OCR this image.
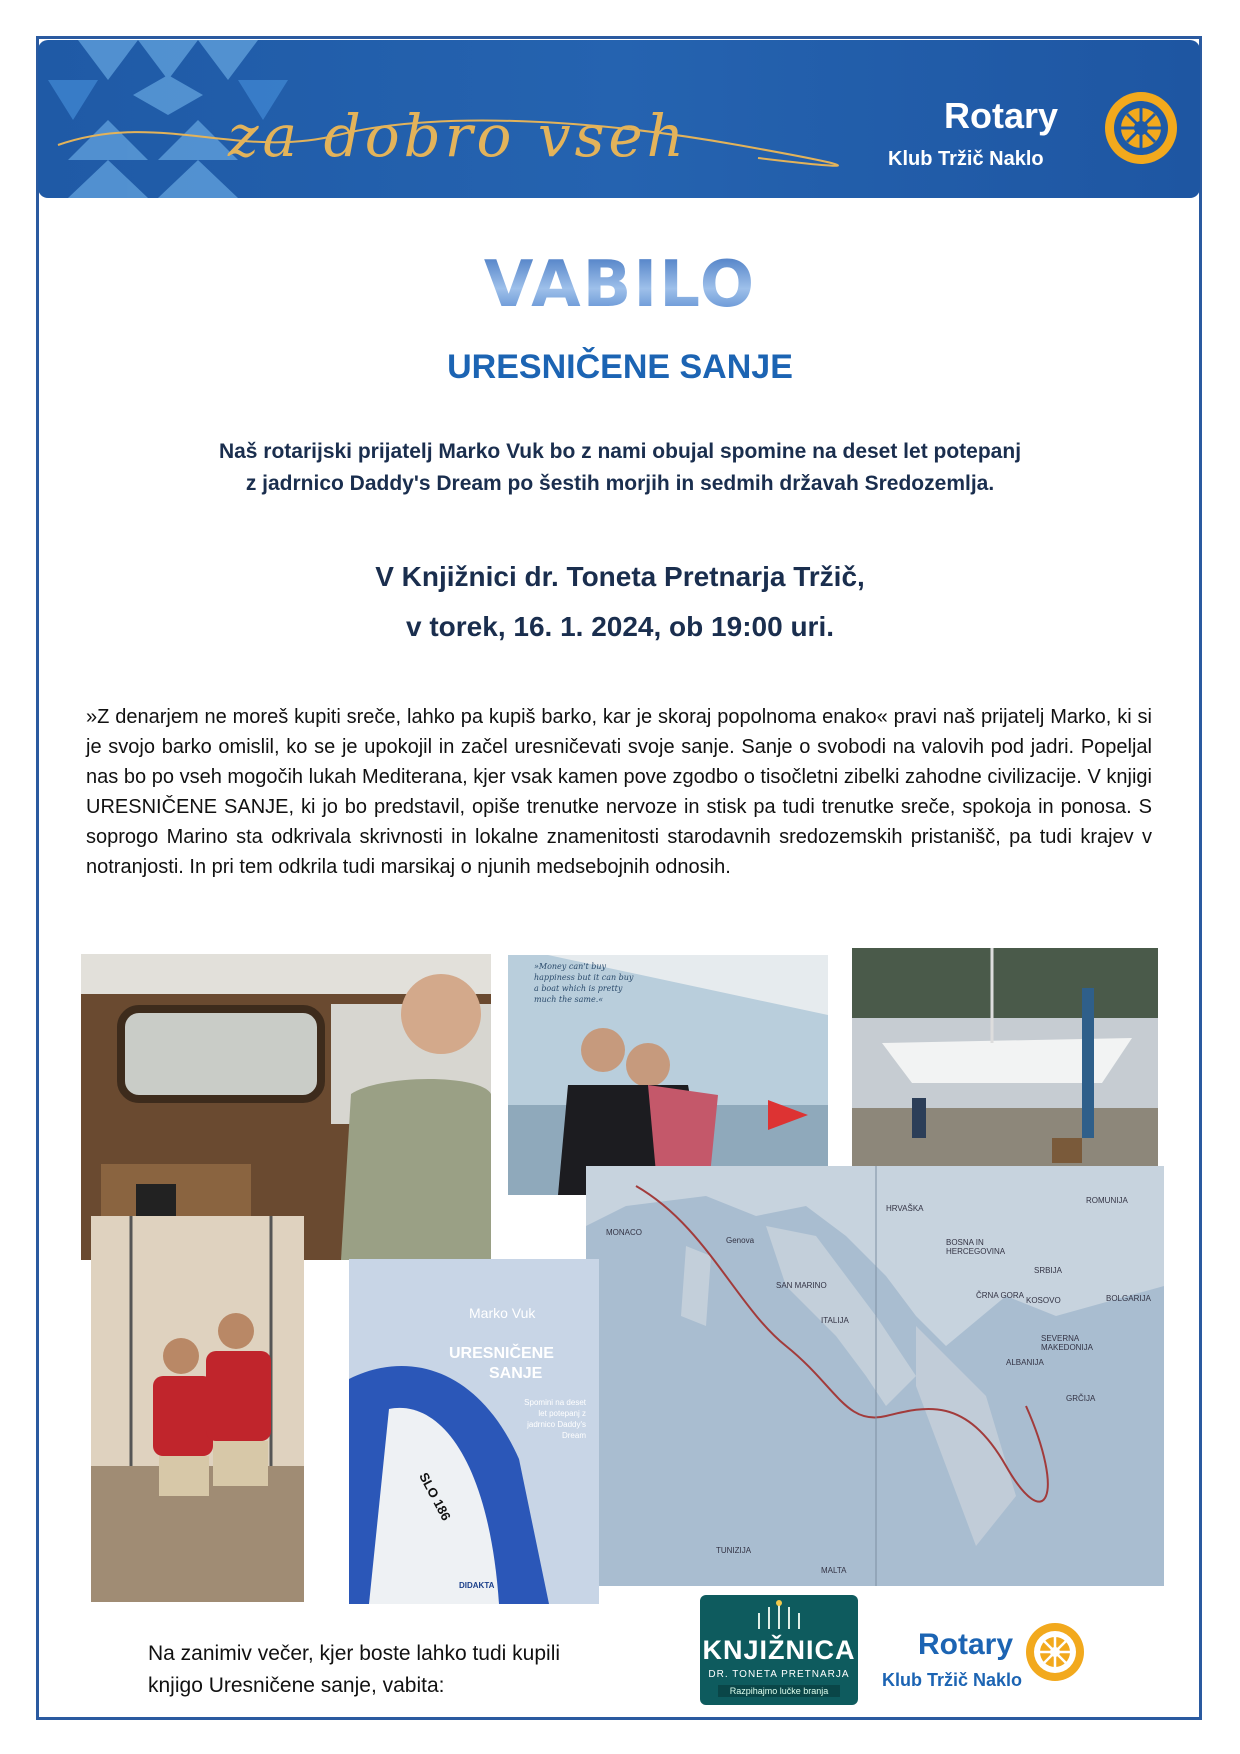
za dobro vseh	Rotary
Klub Tržič Naklo
VABILO
URESNIČENE SANJE
Naš rotarijski prijatelj Marko Vuk bo z nami obujal spomine na deset let potepanj
z jadrnico Daddy's Dream po šestih morjih in sedmih državah Sredozemlja.
V Knjižnici dr. Toneta Pretnarja Tržič,
v torek, 16. 1. 2024, ob 19:00 uri.
»Z denarjem ne moreš kupiti sreče, lahko pa kupiš barko, kar je skoraj popolnoma enako« pravi naš prijatelj Marko, ki si je svojo barko omislil, ko se je upokojil in začel uresničevati svoje sanje. Sanje o svobodi na valovih pod jadri. Popeljal nas bo po vseh mogočih lukah Mediterana, kjer vsak kamen pove zgodbo o tisočletni zibelki zahodne civilizacije. V knjigi URESNIČENE SANJE, ki jo bo predstavil, opiše trenutke nervoze in stisk pa tudi trenutke sreče, spokoja in ponosa. S soprogo Marino sta odkrivala skrivnosti in lokalne znamenitosti starodavnih sredozemskih pristanišč, pa tudi krajev v notranjosti. In pri tem odkrila tudi marsikaj o njunih medsebojnih odnosih.
»Money can't buy happiness but it can buy a boat which is pretty much the same.«
MONACO
Genova
SAN MARINO
BOSNA IN HERCEGOVINA
SRBIJA
ČRNA GORA
KOSOVO	BOLGARIJA
ITALIJA
SEVERNA MAKEDONIJA
ALBANIJA
GRČIJA
TUNIZIJA
MALTA
HRVAŠKA
ROMUNIJA
Marko Vuk
URESNIČENE
SANJE
Spomini na deset let potepanj z jadrnico Daddy's Dream
SLO 186
DIDAKTA
Na zanimiv večer, kjer boste lahko tudi kupili
knjigo Uresničene sanje, vabita:
KNJIŽNICA
DR. TONETA PRETNARJA
Razpihajmo lučke branja
Rotary
Klub Tržič Naklo
